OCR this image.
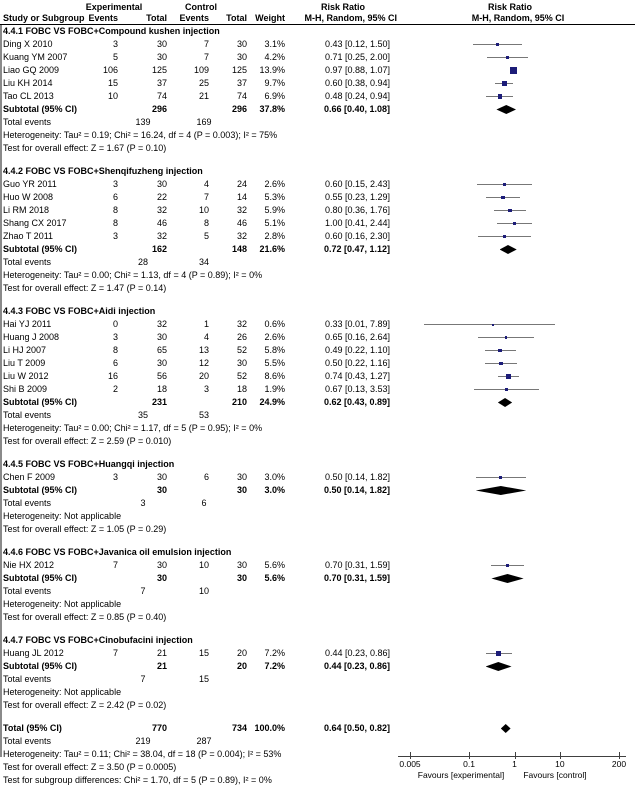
Experimental	Control	Risk Ratio	Risk Ratio
Study or Subgroup Events	Total Events Total Weight M-H, Random, 95% CI	M-H, Random, 95% CI
4.4.1 FOBC VS FOBC+Compound kushen injection
Ding X 2010	3	30	7	30 3.1%	0.43 [0.12, 1.50]
Kuang YM 2007	5	30	7	30 4.2%	0.71 [0.25, 2.00]
Liao GQ 2009	106	125	109	125 13.9%	0.97 [0.88, 1.07]
Liu KH 2014	15	37	25	37 9.7%	0.60 [0.38, 0.94]
Tao CL 2013	10	74	21	74 6.9%	0.48 [0.24, 0.94]
Subtotal (95% CI)	296	296 37.8%	0.66 [0.40, 1.08]
Total events	139	169
Heterogeneity: Tau² = 0.19; Chi² = 16.24, df = 4 (P = 0.003); I² = 75%
Test for overall effect: Z = 1.67 (P = 0.10)
4.4.2 FOBC VS FOBC+Shenqifuzheng injection
Guo YR 2011	3	30	4	24 2.6%	0.60 [0.15, 2.43]
Huo W 2008	6	22	7	14 5.3%	0.55 [0.23, 1.29]
Li RM 2018	8	32	10	32 5.9%	0.80 [0.36, 1.76]
Shang CX 2017	8	46	8	46 5.1%	1.00 [0.41, 2.44]
Zhao T 2011	3	32	5	32 2.8%	0.60 [0.16, 2.30]
Subtotal (95% CI)	162	148 21.6%	0.72 [0.47, 1.12]
Total events	28	34
Heterogeneity: Tau² = 0.00; Chi² = 1.13, df = 4 (P = 0.89); I² = 0%
Test for overall effect: Z = 1.47 (P = 0.14)
4.4.3 FOBC VS FOBC+Aidi injection
Hai YJ 2011	0	32	1	32 0.6%	0.33 [0.01, 7.89]
Huang J 2008	3	30	4	26 2.6%	0.65 [0.16, 2.64]
Li HJ 2007	8	65	13	52 5.8%	0.49 [0.22, 1.10]
Liu T 2009	6	30	12	30 5.5%	0.50 [0.22, 1.16]
Liu W 2012	16	56	20	52 8.6%	0.74 [0.43, 1.27]
Shi B 2009	2	18	3	18 1.9%	0.67 [0.13, 3.53]
Subtotal (95% CI)	231	210 24.9%	0.62 [0.43, 0.89]
Total events	35	53
Heterogeneity: Tau² = 0.00; Chi² = 1.17, df = 5 (P = 0.95); I² = 0%
Test for overall effect: Z = 2.59 (P = 0.010)
4.4.5 FOBC VS FOBC+Huangqi injection
Chen F 2009	3	30	6	30 3.0%	0.50 [0.14, 1.82]
Subtotal (95% CI)	30	30 3.0%	0.50 [0.14, 1.82]
Total events	3	6
Heterogeneity: Not applicable
Test for overall effect: Z = 1.05 (P = 0.29)
4.4.6 FOBC VS FOBC+Javanica oil emulsion injection
Nie HX 2012	7	30	10	30 5.6%	0.70 [0.31, 1.59]
Subtotal (95% CI)	30	30 5.6%	0.70 [0.31, 1.59]
Total events	7	10
Heterogeneity: Not applicable
Test for overall effect: Z = 0.85 (P = 0.40)
4.4.7 FOBC VS FOBC+Cinobufacini injection
Huang JL 2012	7	21	15	20 7.2%	0.44 [0.23, 0.86]
Subtotal (95% CI)	21	20 7.2%	0.44 [0.23, 0.86]
Total events	7	15
Heterogeneity: Not applicable
Test for overall effect: Z = 2.42 (P = 0.02)
Total (95% CI)	770	734 100.0%	0.64 [0.50, 0.82]
Total events	219	287
Heterogeneity: Tau² = 0.11; Chi² = 38.04, df = 18 (P = 0.004); I² = 53%
Test for overall effect: Z = 3.50 (P = 0.0005)
Test for subgroup differences: Chi² = 1.70, df = 5 (P = 0.89), I² = 0%
0.005	0.1	1	10	200
Favours [experimental]	Favours [control]
